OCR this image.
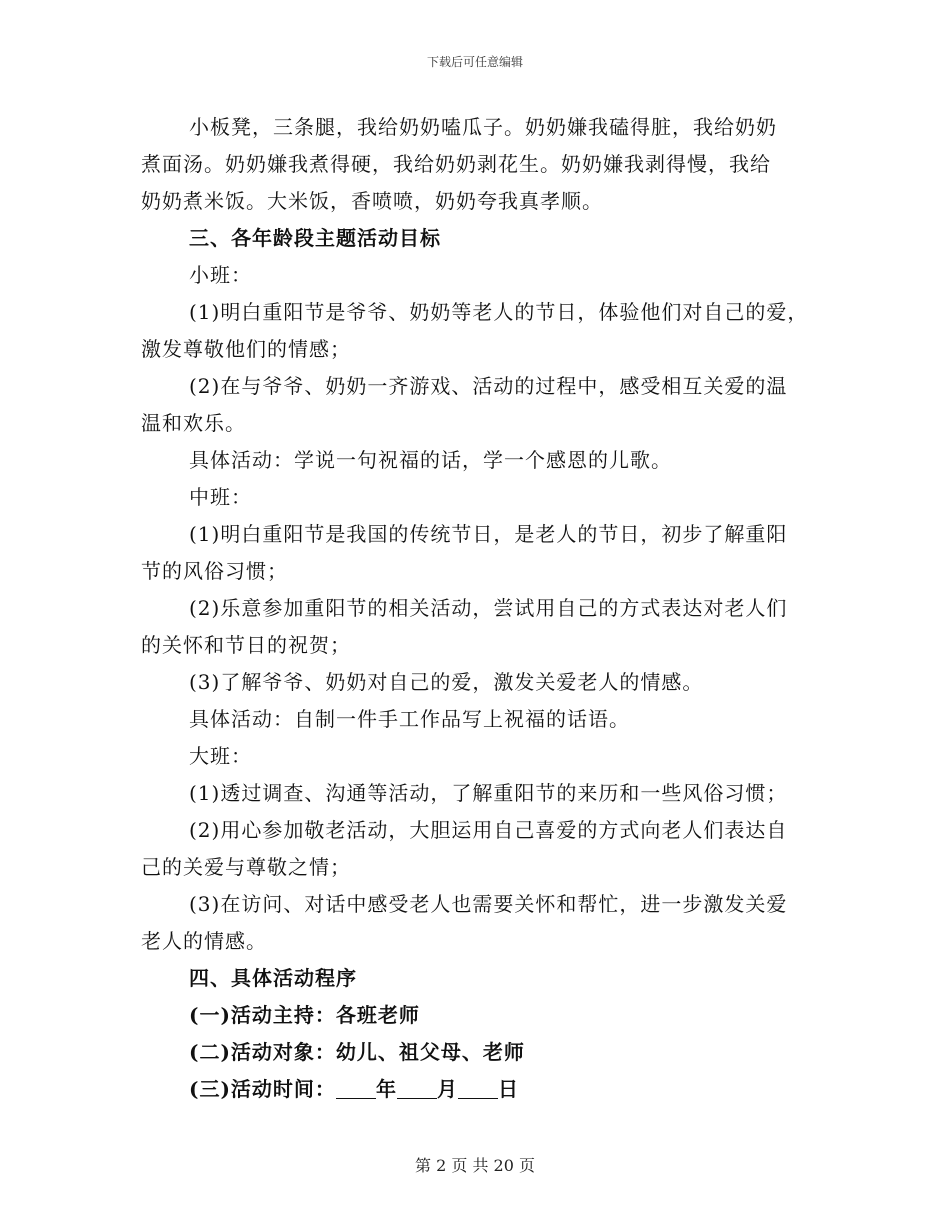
下载后可任意编辑
小板凳，三条腿，我给奶奶嗑瓜子。奶奶嫌我磕得脏，我给奶奶
煮面汤。奶奶嫌我煮得硬，我给奶奶剥花生。奶奶嫌我剥得慢，我给
奶奶煮米饭。大米饭，香喷喷，奶奶夸我真孝顺。
三、各年龄段主题活动目标
小班：
(1)明白重阳节是爷爷、奶奶等老人的节日，体验他们对自己的爱，
激发尊敬他们的情感；
(2)在与爷爷、奶奶一齐游戏、活动的过程中，感受相互关爱的温
温和欢乐。
具体活动：学说一句祝福的话，学一个感恩的儿歌。
中班：
(1)明白重阳节是我国的传统节日，是老人的节日，初步了解重阳
节的风俗习惯；
(2)乐意参加重阳节的相关活动，尝试用自己的方式表达对老人们
的关怀和节日的祝贺；
(3)了解爷爷、奶奶对自己的爱，激发关爱老人的情感。
具体活动：自制一件手工作品写上祝福的话语。
大班：
(1)透过调查、沟通等活动，了解重阳节的来历和一些风俗习惯；
(2)用心参加敬老活动，大胆运用自己喜爱的方式向老人们表达自
己的关爱与尊敬之情；
(3)在访问、对话中感受老人也需要关怀和帮忙，进一步激发关爱
老人的情感。
四、具体活动程序
(一)活动主持：各班老师
(二)活动对象：幼儿、祖父母、老师
(三)活动时间： 年 月 日
第 2 页 共 20 页
